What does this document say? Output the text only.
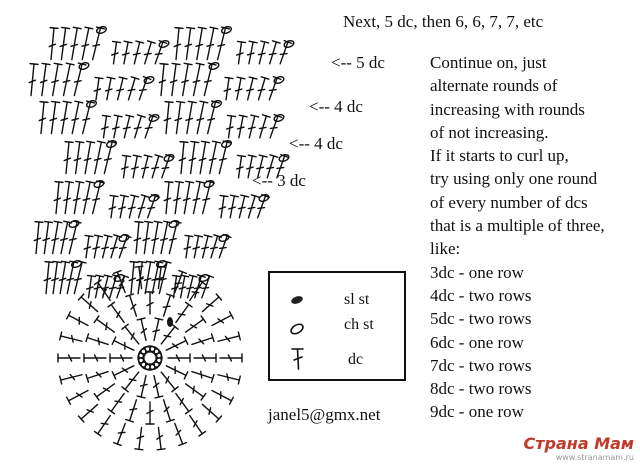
Next, 5 dc, then 6, 6, 7, 7, etc
<-- 5 dc
<-- 4 dc
<-- 4 dc
<-- 3 dc
Continue on, just
alternate rounds of
increasing with rounds
of not increasing.
If it starts to curl up,
try using only one round
of every number of dcs
that is a multiple of three,
like:
3dc - one row
4dc - two rows
5dc - two rows
6dc - one row
7dc - two rows
8dc - two rows
9dc - one row
sl st
ch st
dc
janel5@gmx.net
Страна Мам
www.stranamam.ru
